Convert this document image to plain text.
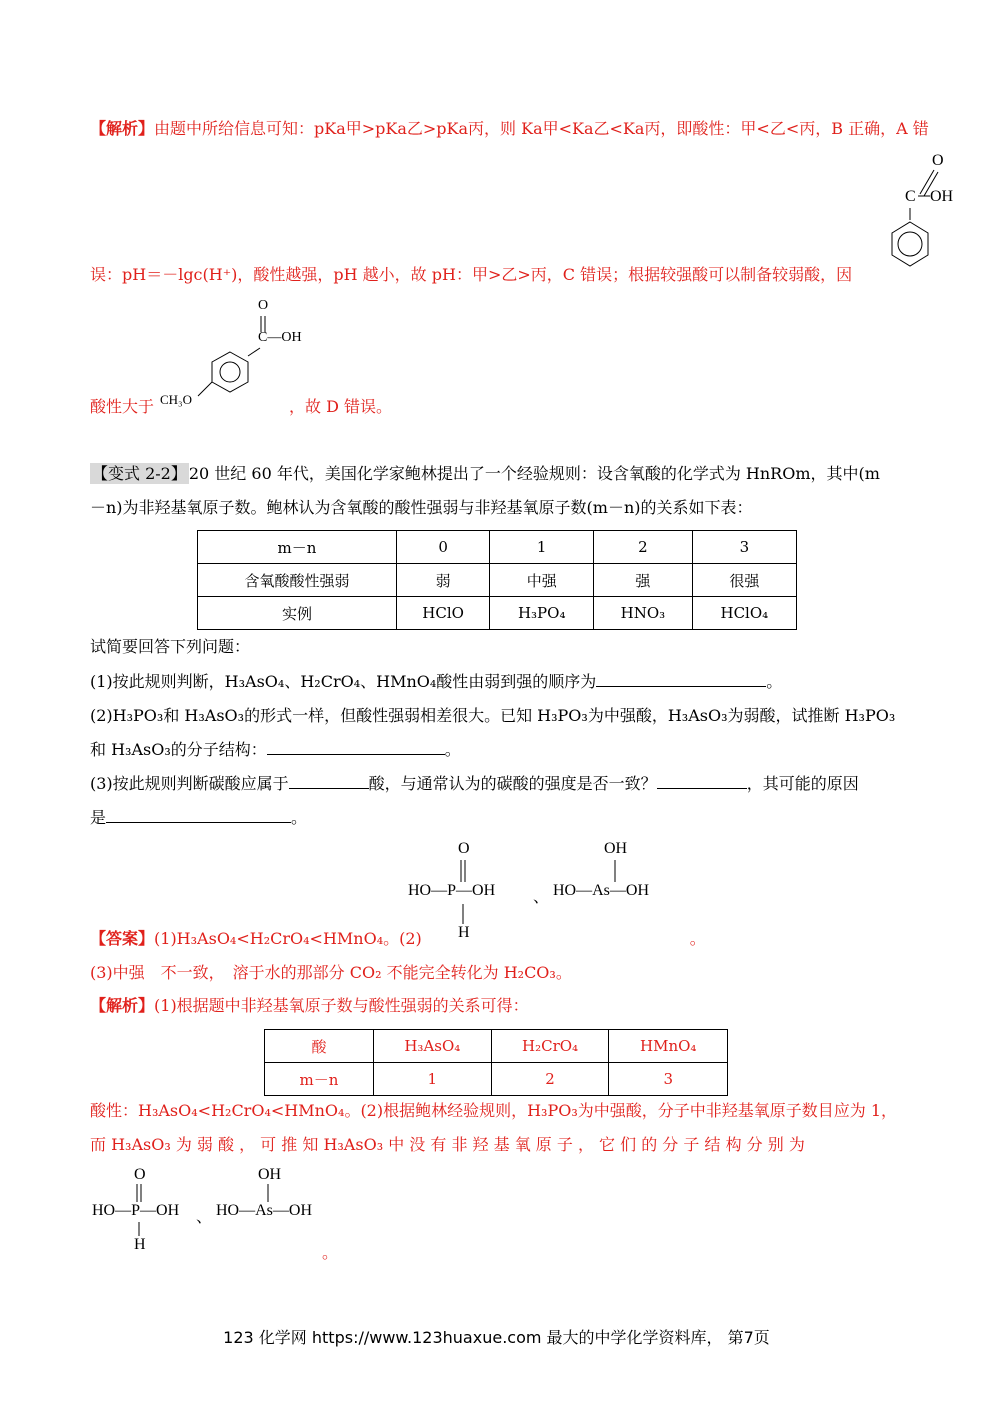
【解析】由题中所给信息可知：pKa甲>pKa乙>pKa丙，则 Ka甲<Ka乙<Ka丙，即酸性：甲<乙<丙，B 正确，A 错
O
C OH
误：pH＝－lgc(H⁺)，酸性越强，pH 越小，故 pH：甲>乙>丙，C 错误；根据较强酸可以制备较弱酸，因
O
C—OH
CH₃O
酸性大于	，故 D 错误。
【变式 2-2】 20 世纪 60 年代，美国化学家鲍林提出了一个经验规则：设含氧酸的化学式为 HnROm，其中(m
－n)为非羟基氧原子数。鲍林认为含氧酸的酸性强弱与非羟基氧原子数(m－n)的关系如下表：
m－n	0	1	2	3
含氧酸酸性强弱	弱	中强	强	很强
实例	HClO	H₃PO₄	HNO₃	HClO₄
试简要回答下列问题：
(1)按此规则判断，H₃AsO₄、H₂CrO₄、HMnO₄酸性由弱到强的顺序为	。
(2)H₃PO₃和 H₃AsO₃的形式一样，但酸性强弱相差很大。已知 H₃PO₃为中强酸，H₃AsO₃为弱酸，试推断 H₃PO₃
和 H₃AsO₃的分子结构：	。
(3)按此规则判断碳酸应属于	酸，与通常认为的碳酸的强度是否一致？	，其可能的原因
是	。
O
HO—P—OH
H
、
OH
HO—As—OH
【答案】(1)H₃AsO₄<H₂CrO₄<HMnO₄。(2)	。
(3)中强　不一致，　溶于水的那部分 CO₂ 不能完全转化为 H₂CO₃。
【解析】(1)根据题中非羟基氧原子数与酸性强弱的关系可得：
酸	H₃AsO₄	H₂CrO₄	HMnO₄
m－n	1	2	3
酸性：H₃AsO₄<H₂CrO₄<HMnO₄。(2)根据鲍林经验规则，H₃PO₃为中强酸，分子中非羟基氧原子数目应为 1，
而 H₃AsO₃ 为 弱 酸 ， 可 推 知 H₃AsO₃ 中 没 有 非 羟 基 氧 原 子 ， 它 们 的 分 子 结 构 分 别 为
O
HO—P—OH
H
、
OH
HO—As—OH
。
123 化学网 https://www.123huaxue.com 最大的中学化学资料库， 第7页
